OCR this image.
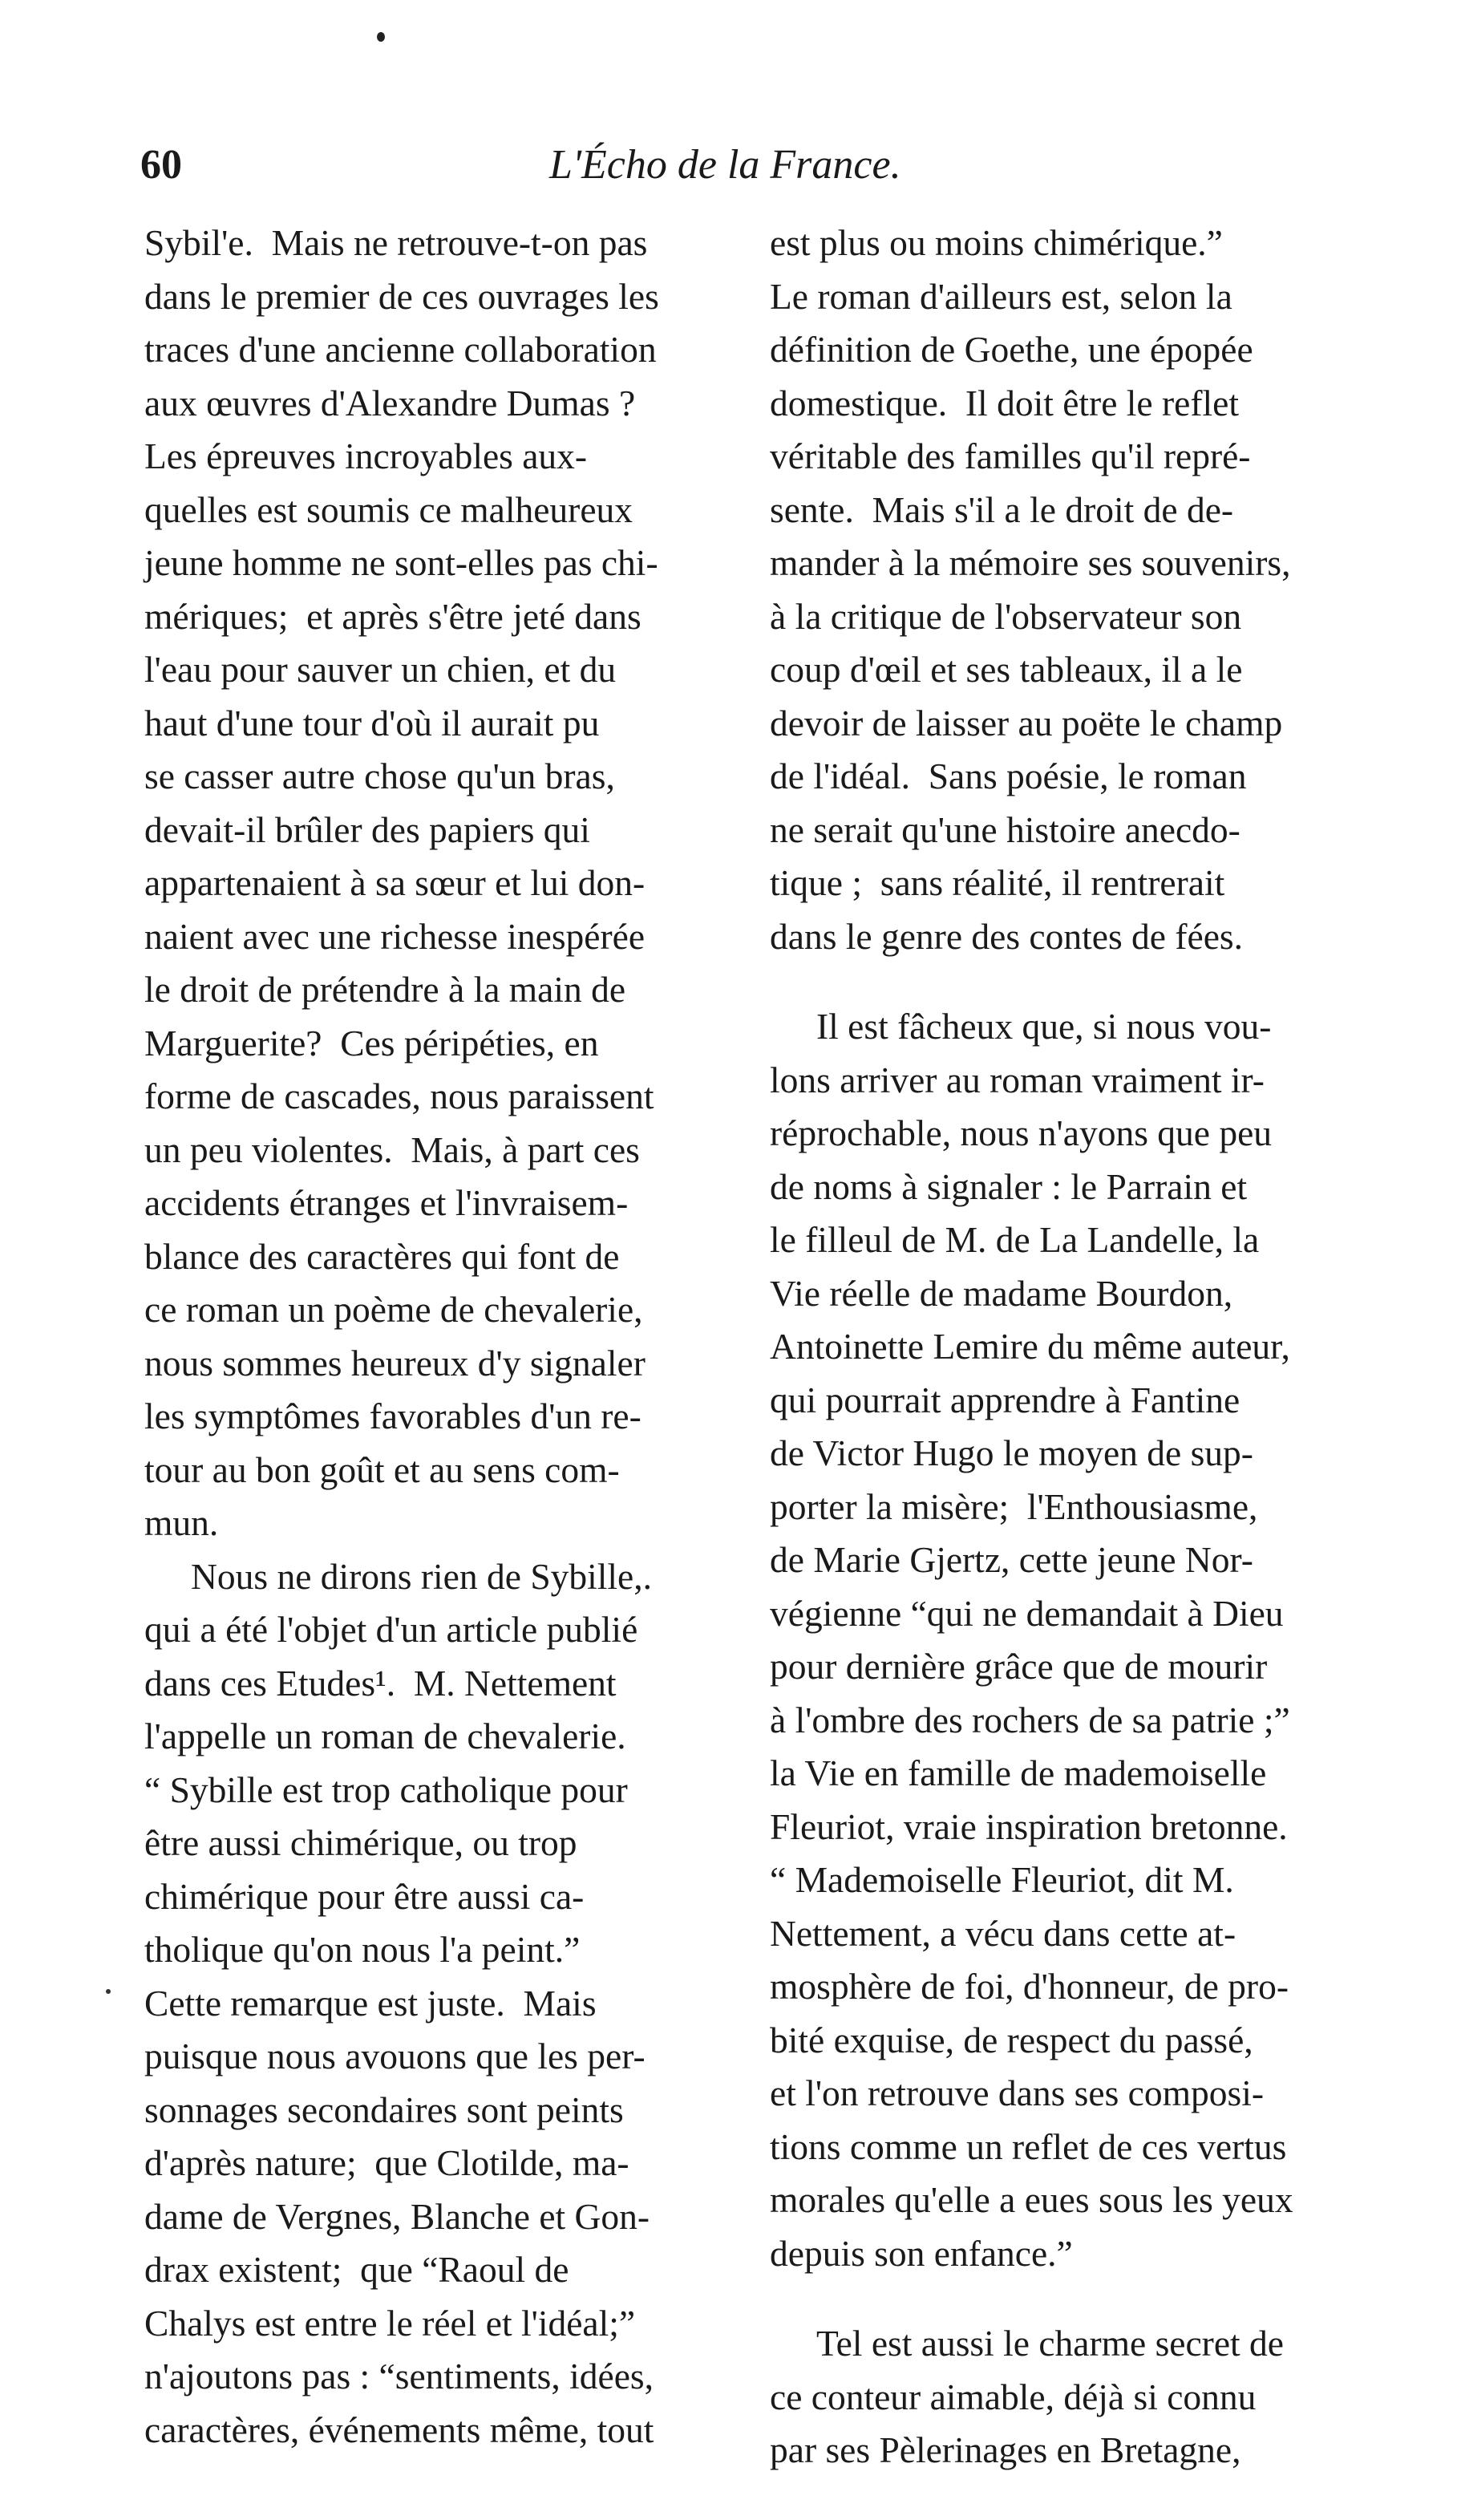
60	L'Écho de la France.
Sybil'e.  Mais ne retrouve-t-on pas
dans le premier de ces ouvrages les
traces d'une ancienne collaboration
aux œuvres d'Alexandre Dumas ?
Les épreuves incroyables aux-
quelles est soumis ce malheureux
jeune homme ne sont-elles pas chi-
mériques;  et après s'être jeté dans
l'eau pour sauver un chien, et du
haut d'une tour d'où il aurait pu
se casser autre chose qu'un bras,
devait-il brûler des papiers qui
appartenaient à sa sœur et lui don-
naient avec une richesse inespérée
le droit de prétendre à la main de
Marguerite?  Ces péripéties, en
forme de cascades, nous paraissent
un peu violentes.  Mais, à part ces
accidents étranges et l'invraisem-
blance des caractères qui font de
ce roman un poème de chevalerie,
nous sommes heureux d'y signaler
les symptômes favorables d'un re-
tour au bon goût et au sens com-
mun.
Nous ne dirons rien de Sybille,.
qui a été l'objet d'un article publié
dans ces Etudes¹.  M. Nettement
l'appelle un roman de chevalerie.
“ Sybille est trop catholique pour
être aussi chimérique, ou trop
chimérique pour être aussi ca-
tholique qu'on nous l'a peint.”
Cette remarque est juste.  Mais
puisque nous avouons que les per-
sonnages secondaires sont peints
d'après nature;  que Clotilde, ma-
dame de Vergnes, Blanche et Gon-
drax existent;  que “Raoul de
Chalys est entre le réel et l'idéal;”
n'ajoutons pas : “sentiments, idées,
caractères, événements même, tout
est plus ou moins chimérique.”
Le roman d'ailleurs est, selon la
définition de Goethe, une épopée
domestique.  Il doit être le reflet
véritable des familles qu'il repré-
sente.  Mais s'il a le droit de de-
mander à la mémoire ses souvenirs,
à la critique de l'observateur son
coup d'œil et ses tableaux, il a le
devoir de laisser au poëte le champ
de l'idéal.  Sans poésie, le roman
ne serait qu'une histoire anecdo-
tique ;  sans réalité, il rentrerait
dans le genre des contes de fées.
Il est fâcheux que, si nous vou-
lons arriver au roman vraiment ir-
réprochable, nous n'ayons que peu
de noms à signaler : le Parrain et
le filleul de M. de La Landelle, la
Vie réelle de madame Bourdon,
Antoinette Lemire du même auteur,
qui pourrait apprendre à Fantine
de Victor Hugo le moyen de sup-
porter la misère;  l'Enthousiasme,
de Marie Gjertz, cette jeune Nor-
végienne “qui ne demandait à Dieu
pour dernière grâce que de mourir
à l'ombre des rochers de sa patrie ;”
la Vie en famille de mademoiselle
Fleuriot, vraie inspiration bretonne.
“ Mademoiselle Fleuriot, dit M.
Nettement, a vécu dans cette at-
mosphère de foi, d'honneur, de pro-
bité exquise, de respect du passé,
et l'on retrouve dans ses composi-
tions comme un reflet de ces vertus
morales qu'elle a eues sous les yeux
depuis son enfance.”
Tel est aussi le charme secret de
ce conteur aimable, déjà si connu
par ses Pèlerinages en Bretagne,
